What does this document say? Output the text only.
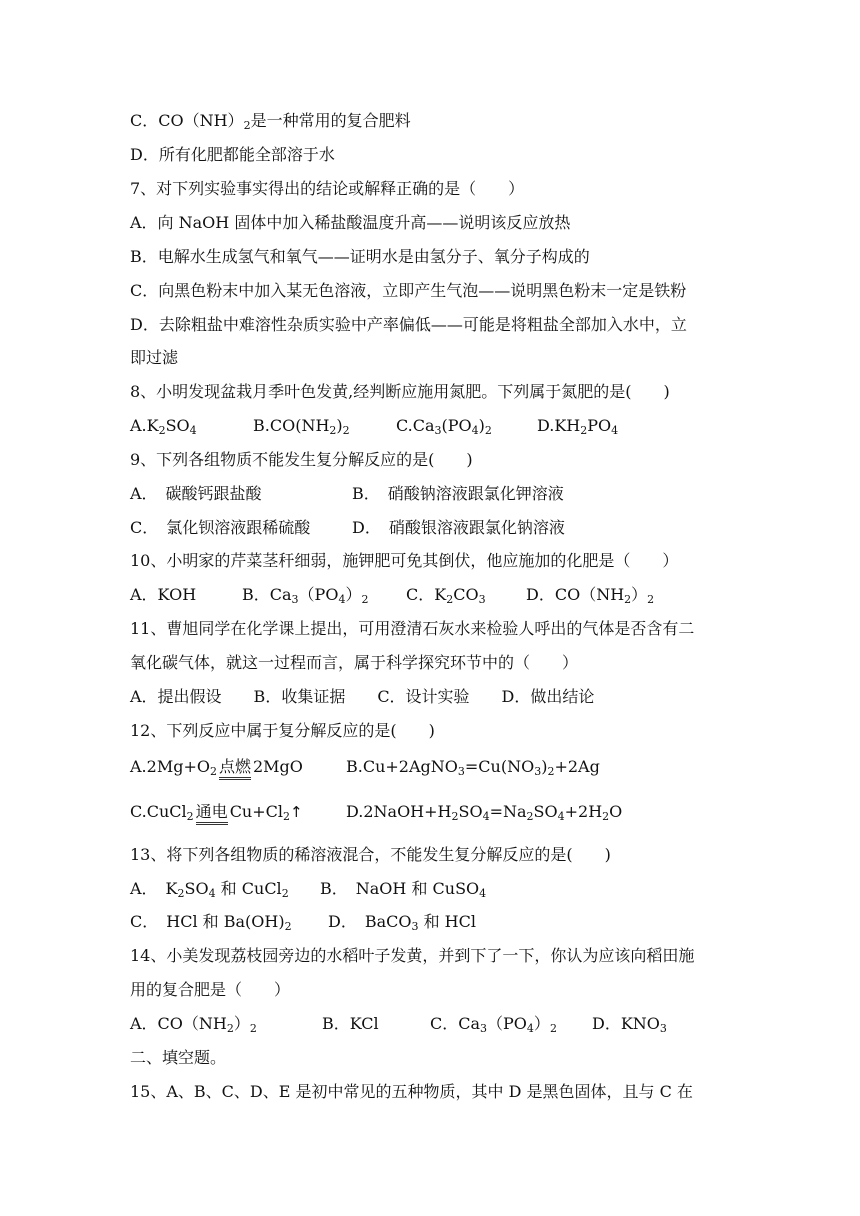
C．$CO(NH)_2$是一种常用的复合肥料
D．所有化肥都能全部溶于水
7、对下列实验事实得出的结论或解释正确的是（　　）
A．向 NaOH 固体中加入稀盐酸温度升高——说明该反应放热
B．电解水生成氢气和氧气——证明水是由氢分子、氧分子构成的
C．向黑色粉末中加入某无色溶液，立即产生气泡——说明黑色粉末一定是铁粉
D．去除粗盐中难溶性杂质实验中产率偏低——可能是将粗盐全部加入水中，立
即过滤
8、小明发现盆栽月季叶色发黄,经判断应施用氮肥。下列属于氮肥的是(　　)
$A.K_2SO_4$	$B.CO(NH_2)_2$	$C.Ca_3(PO_4)_2$	$D.KH_2PO_4$
9、下列各组物质不能发生复分解反应的是(　　)
A．　碳酸钙跟盐酸	B．　硝酸钠溶液跟氯化钾溶液
C．　氯化钡溶液跟稀硫酸	D．　硝酸银溶液跟氯化钠溶液
10、小明家的芹菜茎秆细弱，施钾肥可免其倒伏，他应施加的化肥是（　　）
A．KOH	B．$Ca_3(PO_4)_2$ C．$K_2CO_3$	D．$CO(NH_2)_2$
11、曹旭同学在化学课上提出，可用澄清石灰水来检验人呼出的气体是否含有二
氧化碳气体，就这一过程而言，属于科学探究环节中的（　　）
A．提出假设　　B．收集证据　　C．设计实验　　D．做出结论
12、下列反应中属于复分解反应的是(　　)
$A.2Mg+O_2$ 点燃 2MgO	$B.Cu+2AgNO_3=Cu(NO_3)_2+2Ag$
C.CuCl$_2$ 通电 $Cu+Cl_2↑$	$D.2NaOH+H_2SO_4=Na_2SO_4+2H_2O$
13、将下列各组物质的稀溶液混合，不能发生复分解反应的是(　　)
A．　$K_2SO_4$ 和 CuCl$_2$ B．　NaOH 和 CuSO$_4$
C．　HCl 和 $Ba(OH)_2$ D．　BaCO$_3$ 和 HCl
14、小美发现荔枝园旁边的水稻叶子发黄，并到下了一下，你认为应该向稻田施
用的复合肥是（　　）
A．$CO(NH_2)_2$	B．KCl	C．$Ca_3(PO_4)_2$ D．$KNO_3$
二、填空题。
15、A、B、C、D、E 是初中常见的五种物质，其中 D 是黑色固体，且与 C 在
